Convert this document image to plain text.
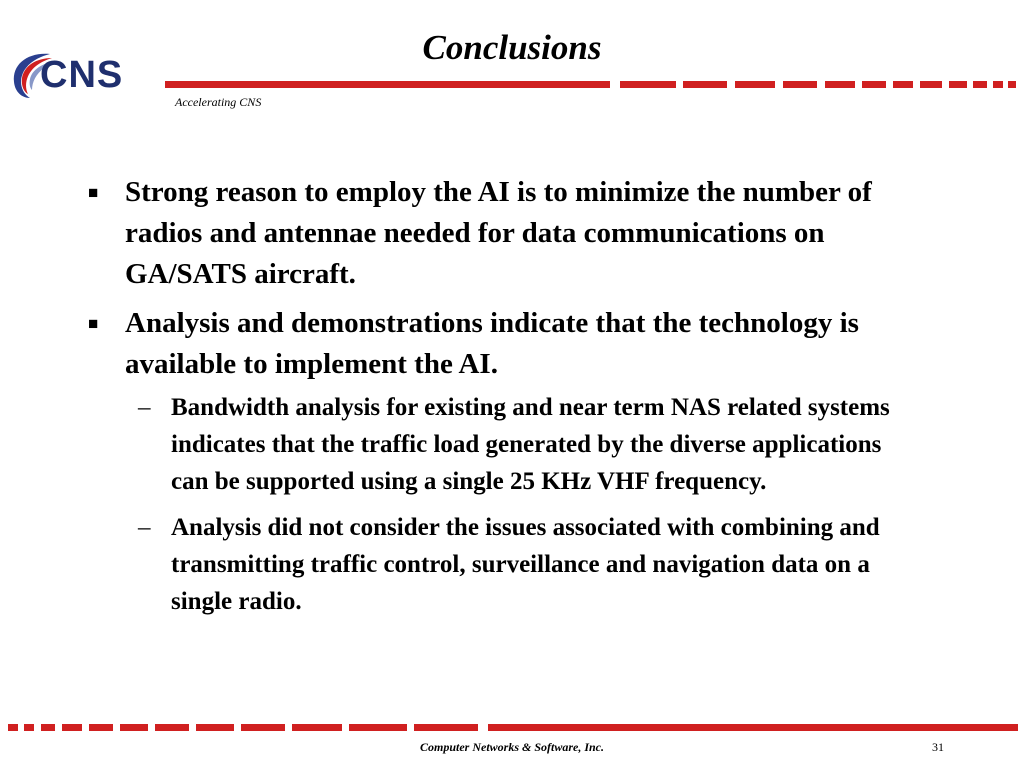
CNS
Conclusions
Accelerating CNS
■ Strong reason to employ the AI is to minimize the number of radios and antennae needed for data communications on GA/SATS aircraft.
■ Analysis and demonstrations indicate that the technology is available to implement the AI.
– Bandwidth analysis for existing and near term NAS related systems indicates that the traffic load generated by the diverse applications can be supported using a single 25 KHz VHF frequency.
– Analysis did not consider the issues associated with combining and transmitting traffic control, surveillance and navigation data on a single radio.
Computer Networks & Software, Inc.	31
